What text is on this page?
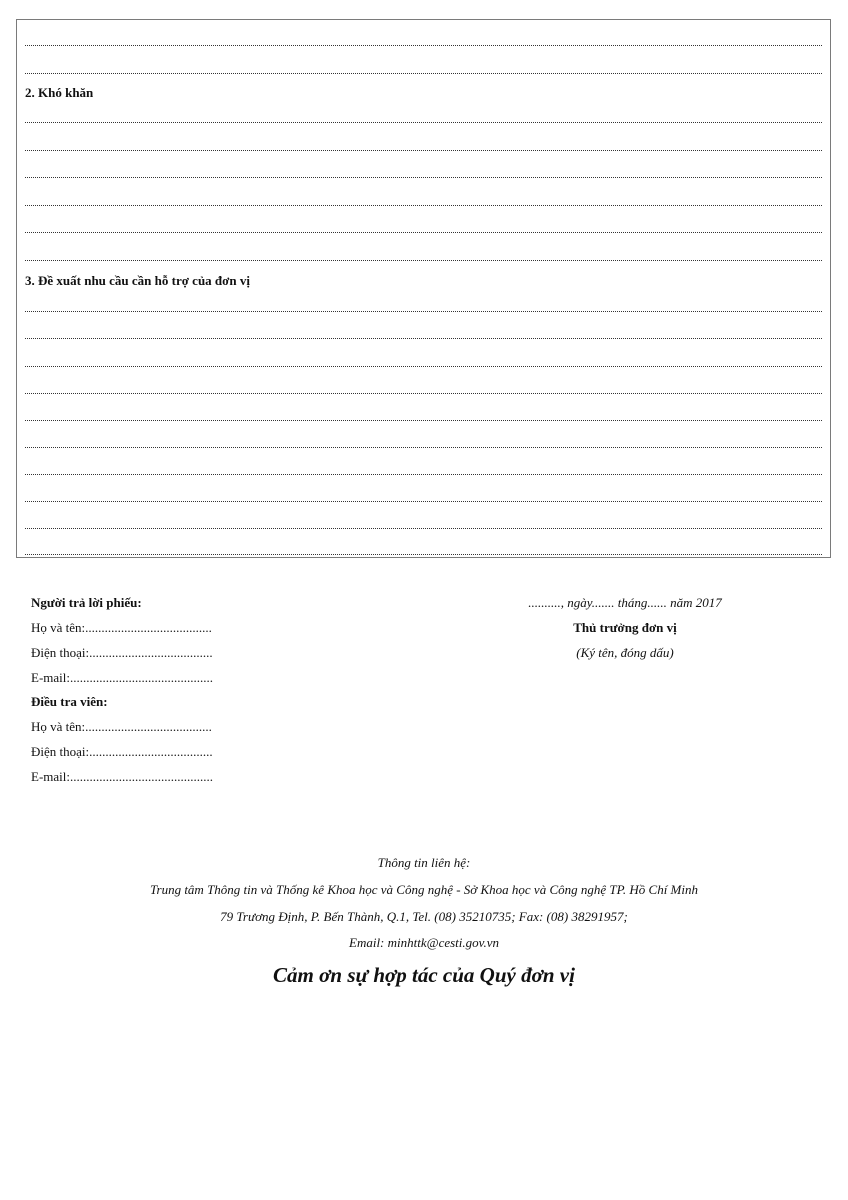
2. Khó khăn
3. Đề xuất nhu cầu cần hỗ trợ của đơn vị
Người trả lời phiếu:
Họ và tên:.......................................
Điện thoại:......................................
E-mail:............................................
Điều tra viên:
Họ và tên:.......................................
Điện thoại:......................................
E-mail:............................................
.........., ngày....... tháng...... năm 2017
Thủ trưởng đơn vị
(Ký tên, đóng dấu)
Thông tin liên hệ:
Trung tâm Thông tin và Thống kê Khoa học và Công nghệ - Sở Khoa học và Công nghệ TP. Hồ Chí Minh
79 Trương Định, P. Bến Thành, Q.1, Tel. (08) 35210735; Fax: (08) 38291957;
Email: minhttk@cesti.gov.vn
Cảm ơn sự hợp tác của Quý đơn vị
